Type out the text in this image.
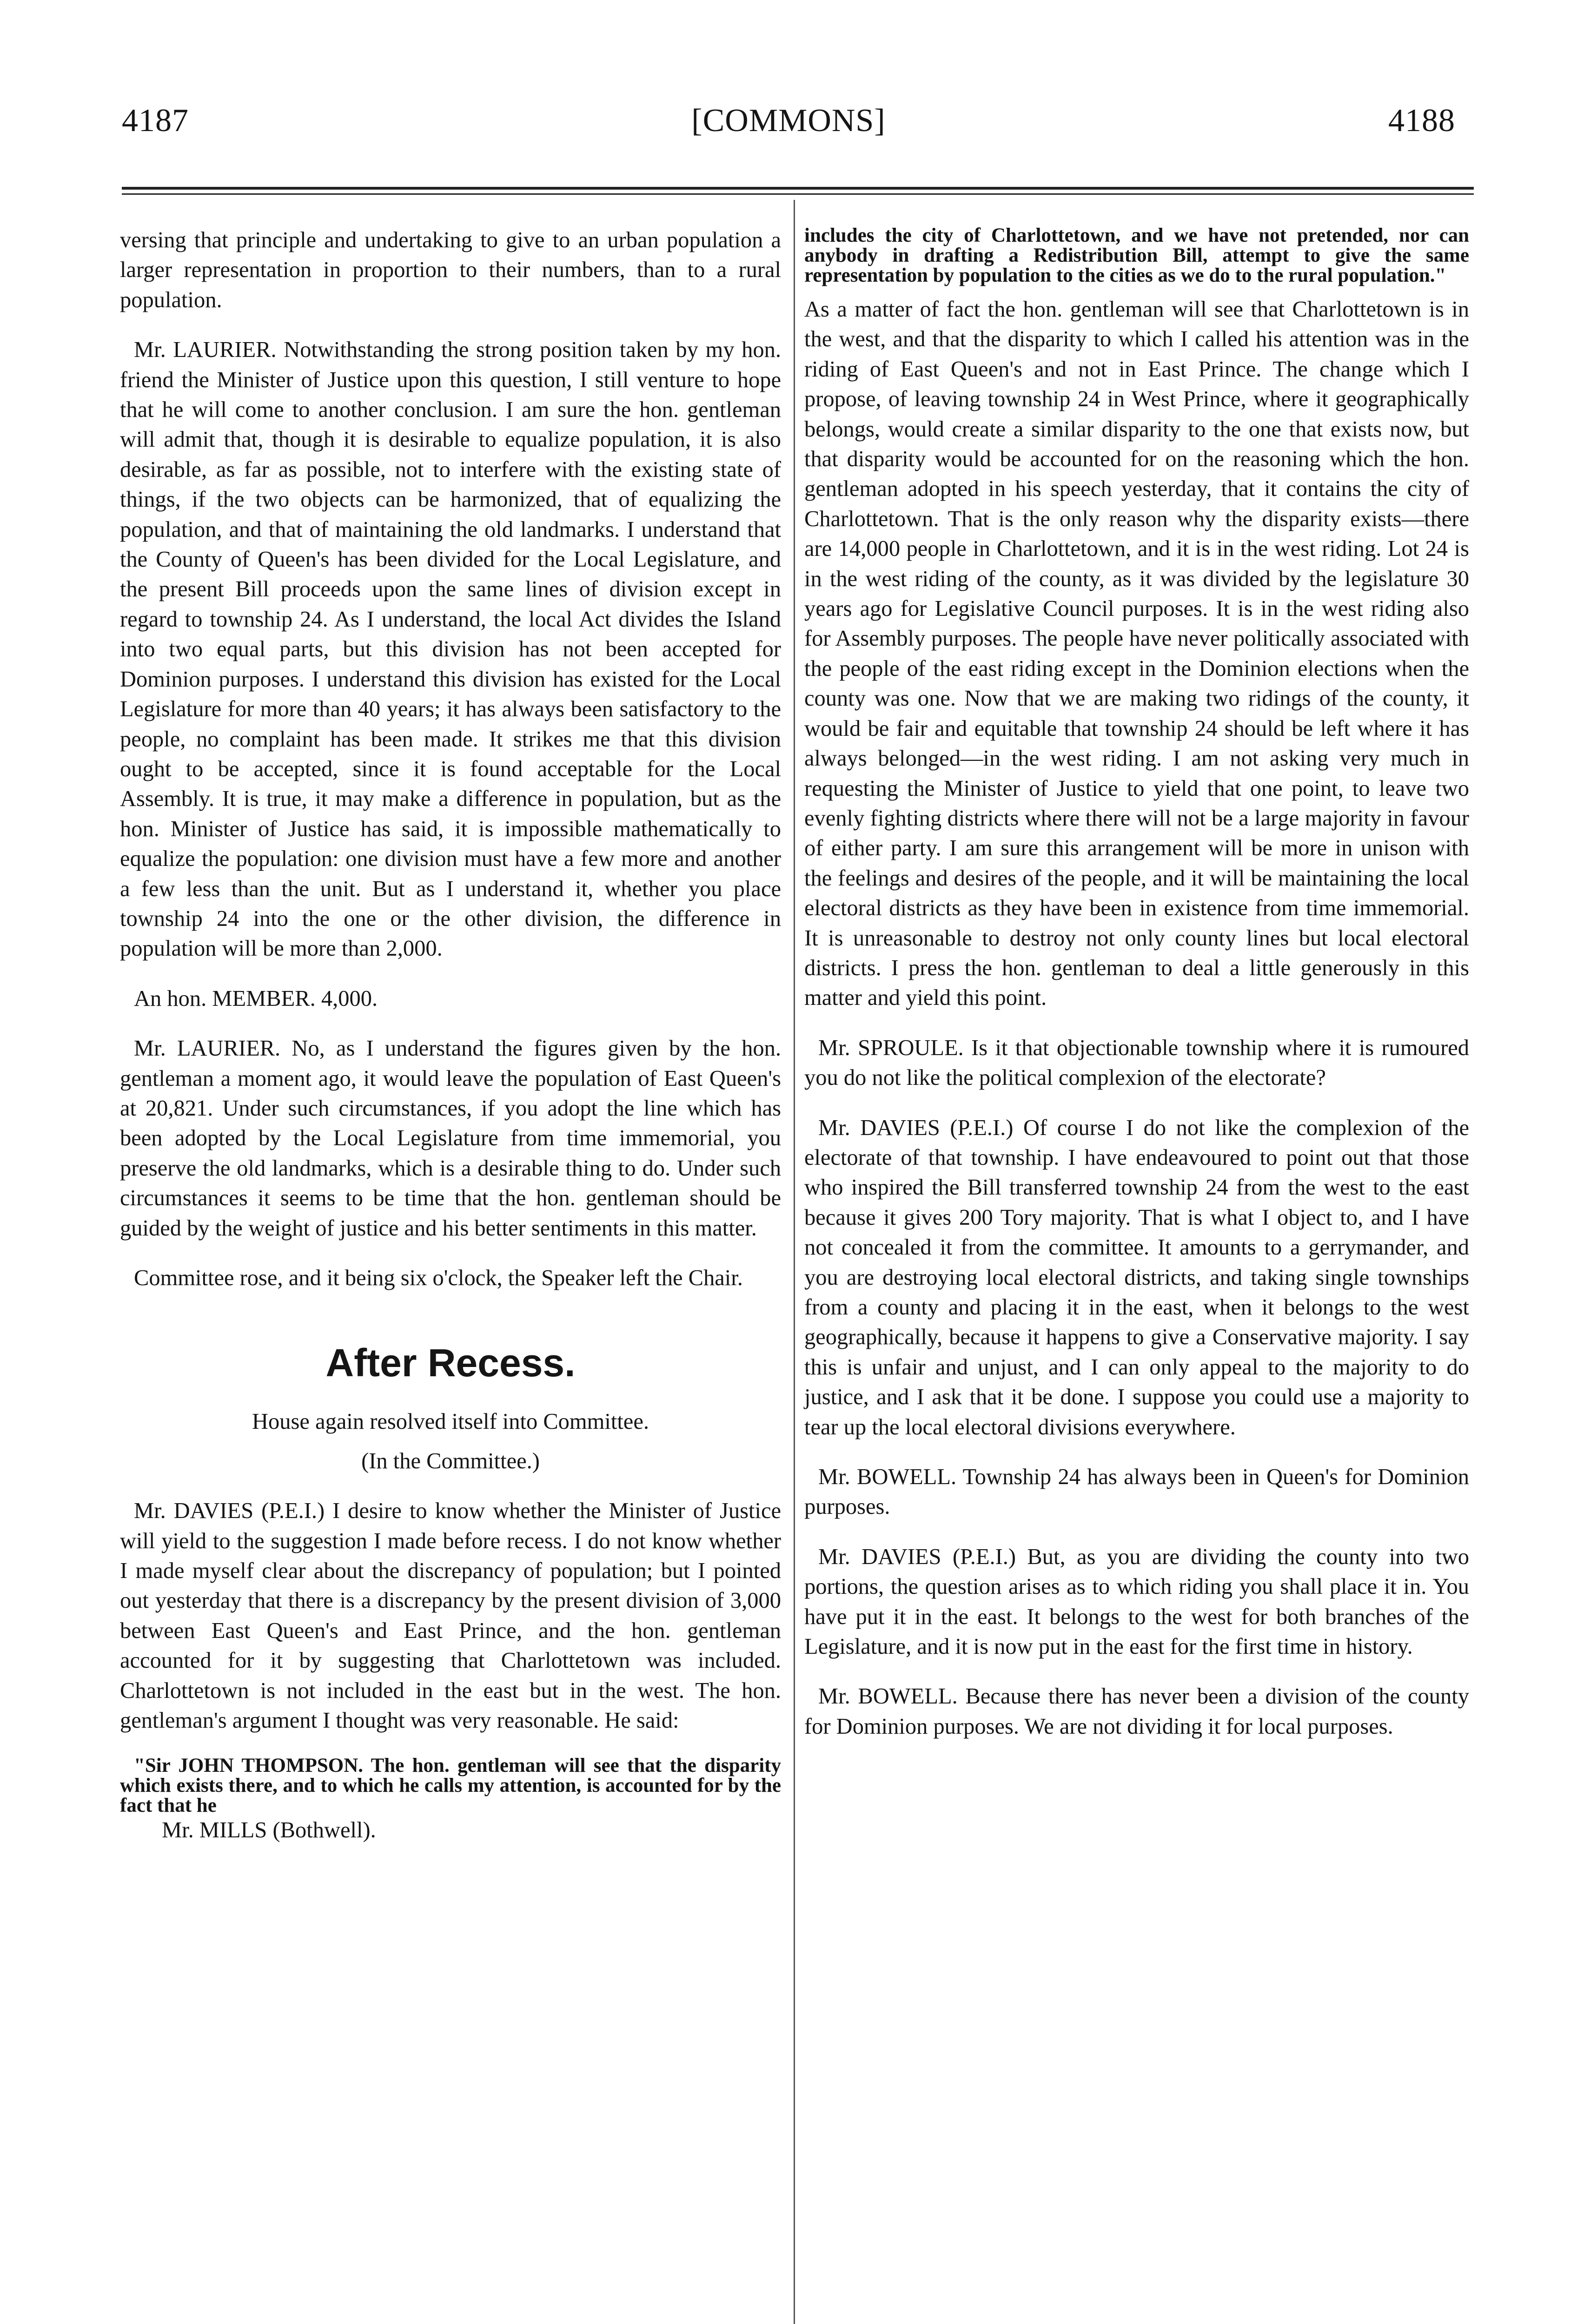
4187	[COMMONS]	4188

versing that principle and undertaking to give to an urban population a larger representation in proportion to their numbers, than to a rural population.

Mr. LAURIER. Notwithstanding the strong position taken by my hon. friend the Minister of Justice upon this question, I still venture to hope that he will come to another conclusion. I am sure the hon. gentleman will admit that, though it is desirable to equalize population, it is also desirable, as far as possible, not to interfere with the existing state of things, if the two objects can be harmonized, that of equalizing the population, and that of maintaining the old landmarks. I understand that the County of Queen's has been divided for the Local Legislature, and the present Bill proceeds upon the same lines of division except in regard to township 24. As I understand, the local Act divides the Island into two equal parts, but this division has not been accepted for Dominion purposes. I understand this division has existed for the Local Legislature for more than 40 years; it has always been satisfactory to the people, no complaint has been made. It strikes me that this division ought to be accepted, since it is found acceptable for the Local Assembly. It is true, it may make a difference in population, but as the hon. Minister of Justice has said, it is impossible mathematically to equalize the population: one division must have a few more and another a few less than the unit. But as I understand it, whether you place township 24 into the one or the other division, the difference in population will be more than 2,000.

An hon. MEMBER. 4,000.

Mr. LAURIER. No, as I understand the figures given by the hon. gentleman a moment ago, it would leave the population of East Queen's at 20,821. Under such circumstances, if you adopt the line which has been adopted by the Local Legislature from time immemorial, you preserve the old landmarks, which is a desirable thing to do. Under such circumstances it seems to be time that the hon. gentleman should be guided by the weight of justice and his better sentiments in this matter.

Committee rose, and it being six o'clock, the Speaker left the Chair.

After Recess.

House again resolved itself into Committee.

(In the Committee.)

Mr. DAVIES (P.E.I.) I desire to know whether the Minister of Justice will yield to the suggestion I made before recess. I do not know whether I made myself clear about the discrepancy of population; but I pointed out yesterday that there is a discrepancy by the present division of 3,000 between East Queen's and East Prince, and the hon. gentleman accounted for it by suggesting that Charlottetown was included. Charlottetown is not included in the east but in the west. The hon. gentleman's argument I thought was very reasonable. He said:

"Sir JOHN THOMPSON. The hon. gentleman will see that the disparity which exists there, and to which he calls my attention, is accounted for by the fact that he

Mr. MILLS (Bothwell).

includes the city of Charlottetown, and we have not pretended, nor can anybody in drafting a Redistribution Bill, attempt to give the same representation by population to the cities as we do to the rural population."

As a matter of fact the hon. gentleman will see that Charlottetown is in the west, and that the disparity to which I called his attention was in the riding of East Queen's and not in East Prince. The change which I propose, of leaving township 24 in West Prince, where it geographically belongs, would create a similar disparity to the one that exists now, but that disparity would be accounted for on the reasoning which the hon. gentleman adopted in his speech yesterday, that it contains the city of Charlottetown. That is the only reason why the disparity exists—there are 14,000 people in Charlottetown, and it is in the west riding. Lot 24 is in the west riding of the county, as it was divided by the legislature 30 years ago for Legislative Council purposes. It is in the west riding also for Assembly purposes. The people have never politically associated with the people of the east riding except in the Dominion elections when the county was one. Now that we are making two ridings of the county, it would be fair and equitable that township 24 should be left where it has always belonged—in the west riding. I am not asking very much in requesting the Minister of Justice to yield that one point, to leave two evenly fighting districts where there will not be a large majority in favour of either party. I am sure this arrangement will be more in unison with the feelings and desires of the people, and it will be maintaining the local electoral districts as they have been in existence from time immemorial. It is unreasonable to destroy not only county lines but local electoral districts. I press the hon. gentleman to deal a little generously in this matter and yield this point.

Mr. SPROULE. Is it that objectionable township where it is rumoured you do not like the political complexion of the electorate?

Mr. DAVIES (P.E.I.) Of course I do not like the complexion of the electorate of that township. I have endeavoured to point out that those who inspired the Bill transferred township 24 from the west to the east because it gives 200 Tory majority. That is what I object to, and I have not concealed it from the committee. It amounts to a gerrymander, and you are destroying local electoral districts, and taking single townships from a county and placing it in the east, when it belongs to the west geographically, because it happens to give a Conservative majority. I say this is unfair and unjust, and I can only appeal to the majority to do justice, and I ask that it be done. I suppose you could use a majority to tear up the local electoral divisions everywhere.

Mr. BOWELL. Township 24 has always been in Queen's for Dominion purposes.

Mr. DAVIES (P.E.I.) But, as you are dividing the county into two portions, the question arises as to which riding you shall place it in. You have put it in the east. It belongs to the west for both branches of the Legislature, and it is now put in the east for the first time in history.

Mr. BOWELL. Because there has never been a division of the county for Dominion purposes. We are not dividing it for local purposes.
